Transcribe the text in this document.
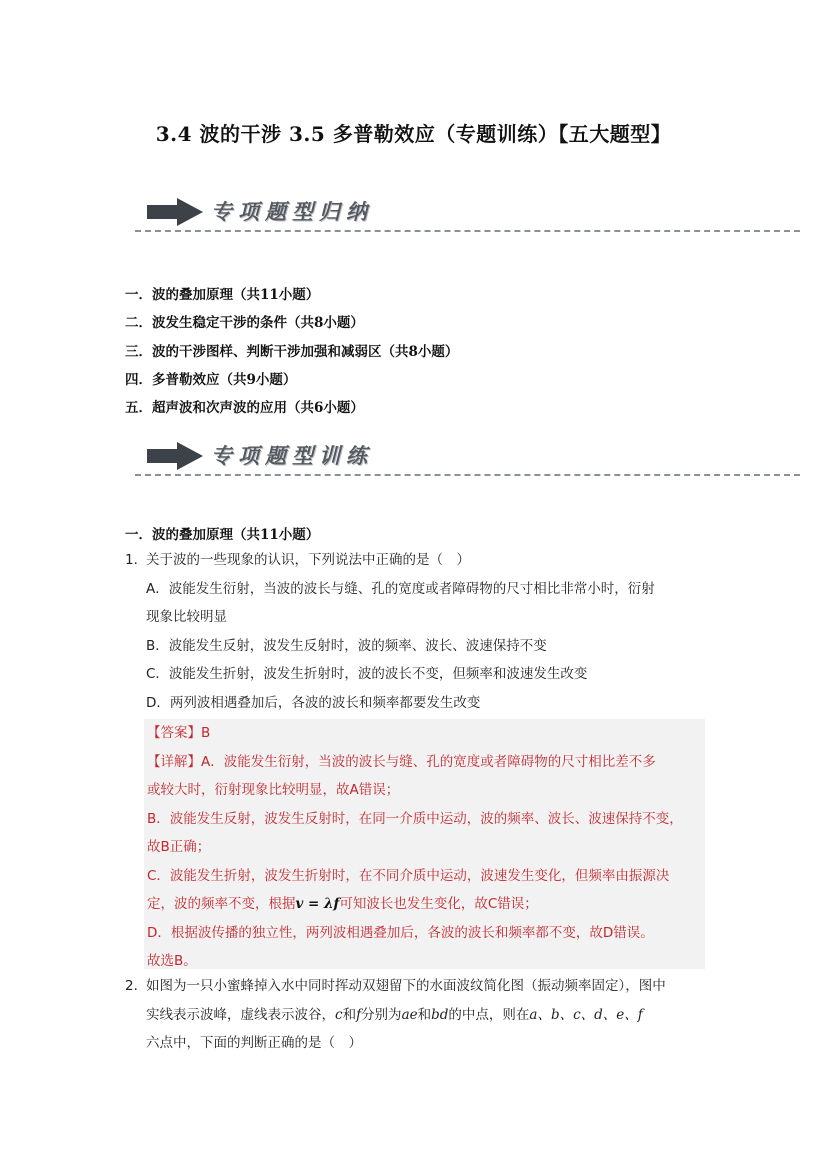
3.4 波的干涉 3.5 多普勒效应（专题训练）【五大题型】
专项题型归纳
一．波的叠加原理（共11小题）
二．波发生稳定干涉的条件（共8小题）
三．波的干涉图样、判断干涉加强和减弱区（共8小题）
四．多普勒效应（共9小题）
五．超声波和次声波的应用（共6小题）
专项题型训练
一．波的叠加原理（共11小题）
1．
关于波的一些现象的认识，下列说法中正确的是（　）
A．波能发生衍射，当波的波长与缝、孔的宽度或者障碍物的尺寸相比非常小时，衍射
现象比较明显
B．波能发生反射，波发生反射时，波的频率、波长、波速保持不变
C．波能发生折射，波发生折射时，波的波长不变，但频率和波速发生改变
D．两列波相遇叠加后，各波的波长和频率都要发生改变
【答案】B
【详解】A．波能发生衍射，当波的波长与缝、孔的宽度或者障碍物的尺寸相比差不多
或较大时，衍射现象比较明显，故A错误；
B．波能发生反射，波发生反射时，在同一介质中运动，波的频率、波长、波速保持不变，
故B正确；
C．波能发生折射，波发生折射时，在不同介质中运动，波速发生变化，但频率由振源决
定，波的频率不变，根据v = λf可知波长也发生变化，故C错误；
D．根据波传播的独立性，两列波相遇叠加后，各波的波长和频率都不变，故D错误。
故选B。
2．
如图为一只小蜜蜂掉入水中同时挥动双翅留下的水面波纹简化图（振动频率固定），图中
实线表示波峰，虚线表示波谷，c和f分别为ae和bd的中点，则在a、b、c、d、e、f
六点中，下面的判断正确的是（　）
